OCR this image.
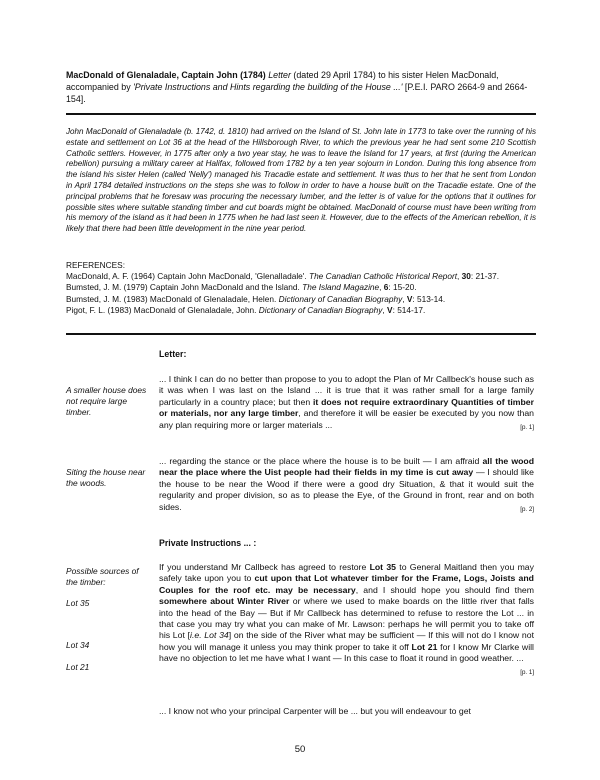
MacDonald of Glenaladale, Captain John (1784) Letter (dated 29 April 1784) to his sister Helen MacDonald, accompanied by 'Private Instructions and Hints regarding the building of the House ...' [P.E.I. PARO 2664-9 and 2664-154].
John MacDonald of Glenaladale (b. 1742, d. 1810) had arrived on the Island of St. John late in 1773 to take over the running of his estate and settlement on Lot 36 at the head of the Hillsborough River, to which the previous year he had sent some 210 Scottish Catholic settlers. However, in 1775 after only a two year stay, he was to leave the Island for 17 years, at first (during the American rebellion) pursuing a military career at Halifax, followed from 1782 by a ten year sojourn in London. During this long absence from the island his sister Helen (called 'Nelly') managed his Tracadie estate and settlement. It was thus to her that he sent from London in April 1784 detailed instructions on the steps she was to follow in order to have a house built on the Tracadie estate. One of the principal problems that he foresaw was procuring the necessary lumber, and the letter is of value for the options that it outlines for possible sites where suitable standing timber and cut boards might be obtained. MacDonald of course must have been writing from his memory of the island as it had been in 1775 when he had last seen it. However, due to the effects of the American rebellion, it is likely that there had been little development in the nine year period.
REFERENCES:
MacDonald, A. F. (1964) Captain John MacDonald, 'Glenalladale'. The Canadian Catholic Historical Report, 30: 21-37.
Bumsted, J. M. (1979) Captain John MacDonald and the Island. The Island Magazine, 6: 15-20.
Bumsted, J. M. (1983) MacDonald of Glenaladale, Helen. Dictionary of Canadian Biography, V: 513-14.
Pigot, F. L. (1983) MacDonald of Glenaladale, John. Dictionary of Canadian Biography, V: 514-17.
Letter:
A smaller house does not require large timber.
Siting the house near the woods.
Possible sources of the timber:
Lot 35
Lot 34
Lot 21
... I think I can do no better than propose to you to adopt the Plan of Mr Callbeck's house such as it was when I was last on the Island ... it is true that it was rather small for a large family particularly in a country place; but then it does not require extraordinary Quantities of timber or materials, nor any large timber, and therefore it will be easier be executed by you now than any plan requiring more or larger materials ...	[p. 1]
... regarding the stance or the place where the house is to be built — I am affraid all the wood near the place where the Uist people had their fields in my time is cut away — I should like the house to be near the Wood if there were a good dry Situation, & that it would suit the regularity and proper division, so as to please the Eye, of the Ground in front, rear and on both sides.	[p. 2]
Private Instructions ... :
If you understand Mr Callbeck has agreed to restore Lot 35 to General Maitland then you may safely take upon you to cut upon that Lot whatever timber for the Frame, Logs, Joists and Couples for the roof etc. may be necessary, and I should hope you should find them somewhere about Winter River or where we used to make boards on the little river that falls into the head of the Bay — But if Mr Callbeck has determined to refuse to restore the Lot ... in that case you may try what you can make of Mr. Lawson: perhaps he will permit you to take off his Lot [i.e. Lot 34] on the side of the River what may be sufficient — If this will not do I know not how you will manage it unless you may think proper to take it off Lot 21 for I know Mr Clarke will have no objection to let me have what I want — In this case to float it round in good weather. ...
[p. 1]
... I know not who your principal Carpenter will be ... but you will endeavour to get
50
